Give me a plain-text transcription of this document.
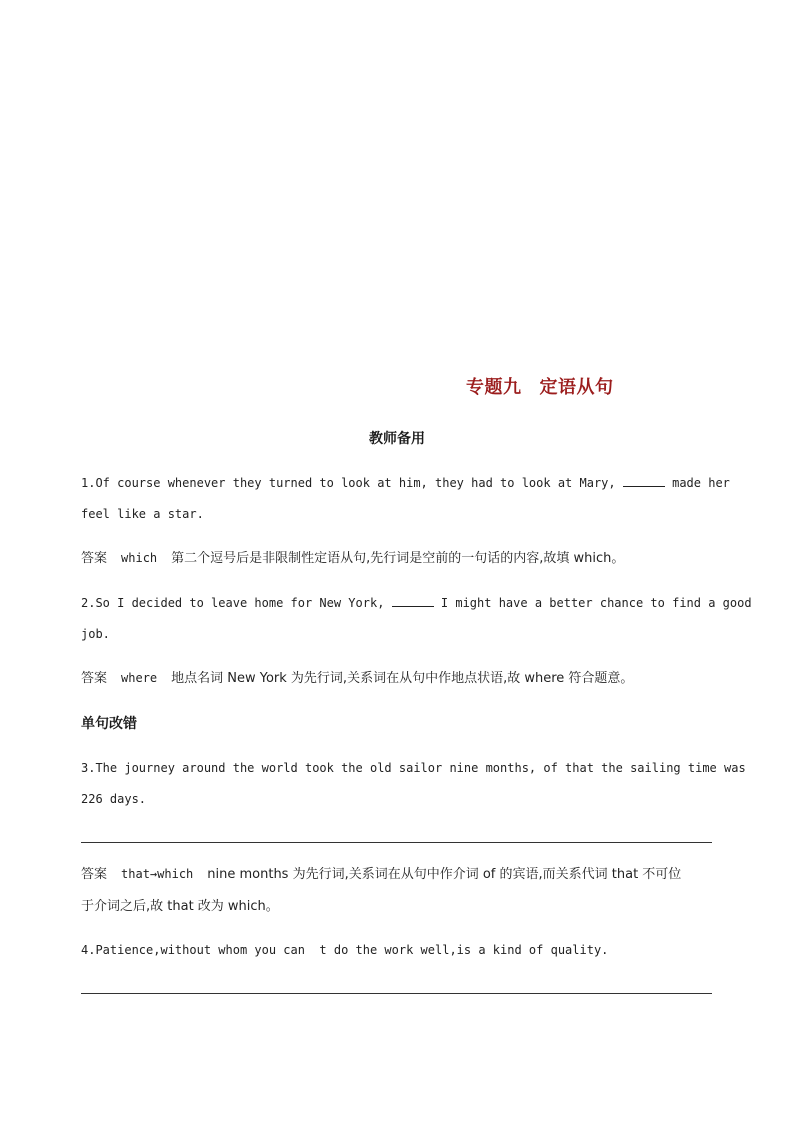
专题九 定语从句
教师备用
1.Of course whenever they turned to look at him, they had to look at Mary,	made her
feel like a star.
答案 which 第二个逗号后是非限制性定语从句,先行词是空前的一句话的内容,故填 which。
2.So I decided to leave home for New York,	I might have a better chance to find a good
job.
答案 where 地点名词 New York 为先行词,关系词在从句中作地点状语,故 where 符合题意。
单句改错
3.The journey around the world took the old sailor nine months, of that the sailing time was
226 days.
答案 that→which nine months 为先行词,关系词在从句中作介词 of 的宾语,而关系代词 that 不可位
于介词之后,故 that 改为 which。
4.Patience,without whom you can  t do the work well,is a kind of quality.
